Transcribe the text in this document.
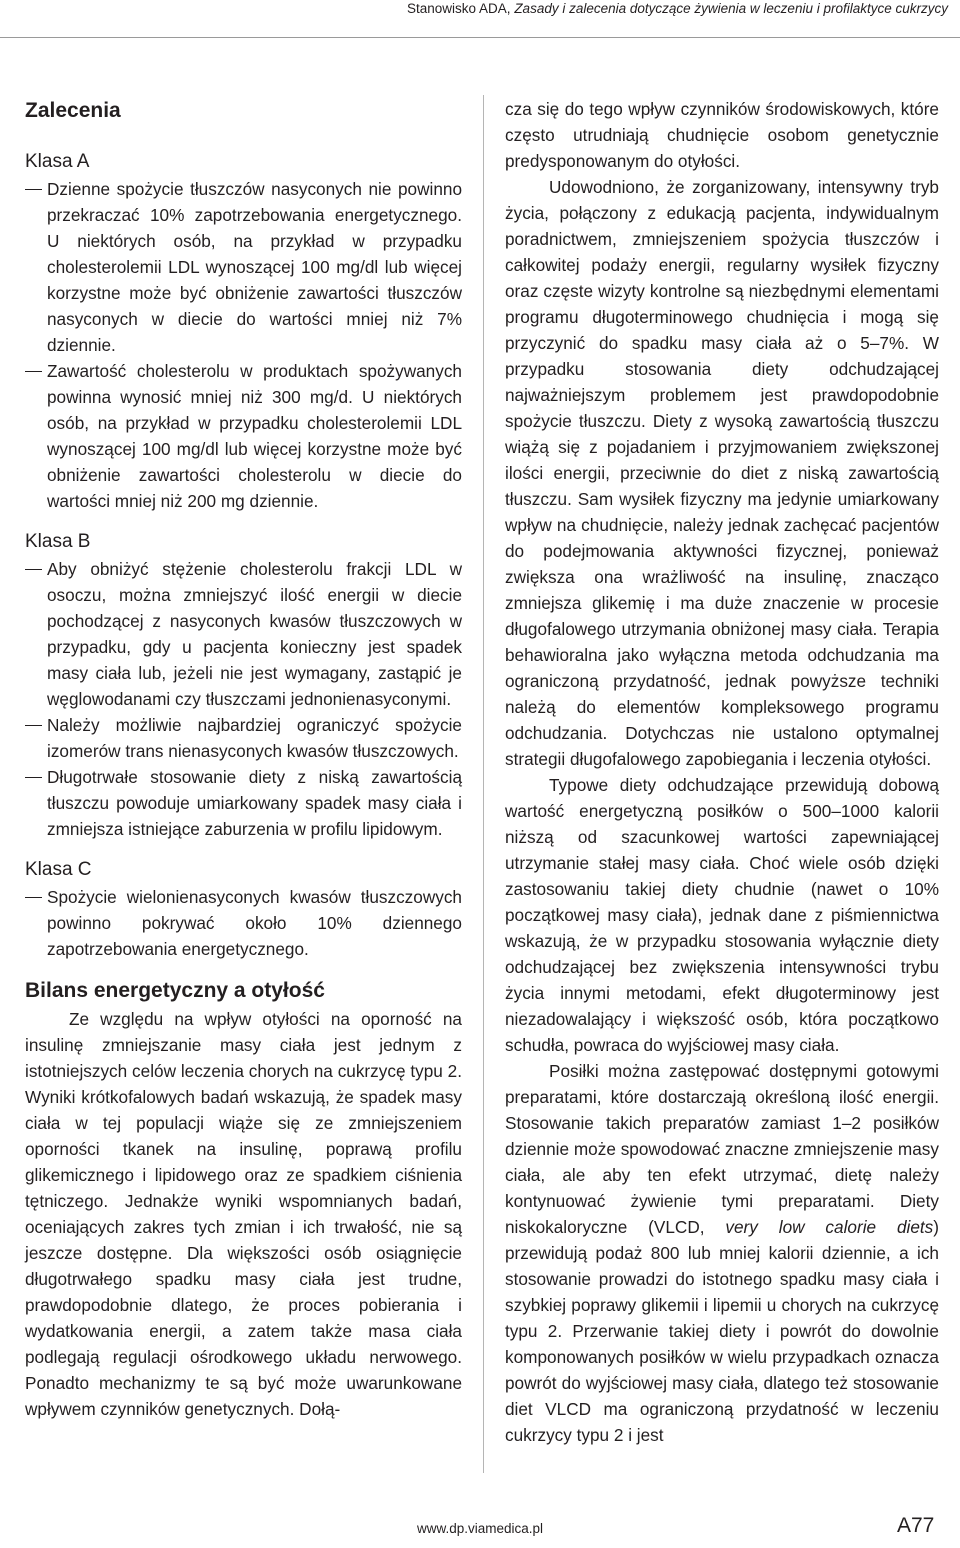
Stanowisko ADA, Zasady i zalecenia dotyczące żywienia w leczeniu i profilaktyce cukrzycy
Zalecenia
Klasa A

Dzienne spożycie tłuszczów nasyconych nie powinno przekraczać 10% zapotrzebowania energetycznego. U niektórych osób, na przykład w przypadku cholesterolemii LDL wynoszącej 100 mg/dl lub więcej korzystne może być obniżenie zawartości tłuszczów nasyconych w diecie do wartości mniej niż 7% dziennie.

Zawartość cholesterolu w produktach spożywanych powinna wynosić mniej niż 300 mg/d. U niektórych osób, na przykład w przypadku cholesterolemii LDL wynoszącej 100 mg/dl lub więcej korzystne może być obniżenie zawartości cholesterolu w diecie do wartości mniej niż 200 mg dziennie.

Klasa B

Aby obniżyć stężenie cholesterolu frakcji LDL w osoczu, można zmniejszyć ilość energii w diecie pochodzącej z nasyconych kwasów tłuszczowych w przypadku, gdy u pacjenta konieczny jest spadek masy ciała lub, jeżeli nie jest wymagany, zastąpić je węglowodanami czy tłuszczami jednonienasyconymi.

Należy możliwie najbardziej ograniczyć spożycie izomerów trans nienasyconych kwasów tłuszczowych.

Długotrwałe stosowanie diety z niską zawartością tłuszczu powoduje umiarkowany spadek masy ciała i zmniejsza istniejące zaburzenia w profilu lipidowym.

Klasa C

Spożycie wielonienasyconych kwasów tłuszczowych powinno pokrywać około 10% dziennego zapotrzebowania energetycznego.

Bilans energetyczny a otyłość

Ze względu na wpływ otyłości na oporność na insulinę zmniejszanie masy ciała jest jednym z istotniejszych celów leczenia chorych na cukrzycę typu 2. Wyniki krótkofalowych badań wskazują, że spadek masy ciała w tej populacji wiąże się ze zmniejszeniem oporności tkanek na insulinę, poprawą profilu glikemicznego i lipidowego oraz ze spadkiem ciśnienia tętniczego. Jednakże wyniki wspomnianych badań, oceniających zakres tych zmian i ich trwałość, nie są jeszcze dostępne. Dla większości osób osiągnięcie długotrwałego spadku masy ciała jest trudne, prawdopodobnie dlatego, że proces pobierania i wydatkowania energii, a zatem także masa ciała podlegają regulacji ośrodkowego układu nerwowego. Ponadto mechanizmy te są być może uwarunkowane wpływem czynników genetycznych. Dołą-

cza się do tego wpływ czynników środowiskowych, które często utrudniają chudnięcie osobom genetycznie predysponowanym do otyłości.

Udowodniono, że zorganizowany, intensywny tryb życia, połączony z edukacją pacjenta, indywidualnym poradnictwem, zmniejszeniem spożycia tłuszczów i całkowitej podaży energii, regularny wysiłek fizyczny oraz częste wizyty kontrolne są niezbędnymi elementami programu długoterminowego chudnięcia i mogą się przyczynić do spadku masy ciała aż o 5–7%. W przypadku stosowania diety odchudzającej najważniejszym problemem jest prawdopodobnie spożycie tłuszczu. Diety z wysoką zawartością tłuszczu wiążą się z pojadaniem i przyjmowaniem zwiększonej ilości energii, przeciwnie do diet z niską zawartością tłuszczu. Sam wysiłek fizyczny ma jedynie umiarkowany wpływ na chudnięcie, należy jednak zachęcać pacjentów do podejmowania aktywności fizycznej, ponieważ zwiększa ona wrażliwość na insulinę, znacząco zmniejsza glikemię i ma duże znaczenie w procesie długofalowego utrzymania obniżonej masy ciała. Terapia behawioralna jako wyłączna metoda odchudzania ma ograniczoną przydatność, jednak powyższe techniki należą do elementów kompleksowego programu odchudzania. Dotychczas nie ustalono optymalnej strategii długofalowego zapobiegania i leczenia otyłości.

Typowe diety odchudzające przewidują dobową wartość energetyczną posiłków o 500–1000 kalorii niższą od szacunkowej wartości zapewniającej utrzymanie stałej masy ciała. Choć wiele osób dzięki zastosowaniu takiej diety chudnie (nawet o 10% początkowej masy ciała), jednak dane z piśmiennictwa wskazują, że w przypadku stosowania wyłącznie diety odchudzającej bez zwiększenia intensywności trybu życia innymi metodami, efekt długoterminowy jest niezadowalający i większość osób, która początkowo schudła, powraca do wyjściowej masy ciała.

Posiłki można zastępować dostępnymi gotowymi preparatami, które dostarczają określoną ilość energii. Stosowanie takich preparatów zamiast 1–2 posiłków dziennie może spowodować znaczne zmniejszenie masy ciała, ale aby ten efekt utrzymać, dietę należy kontynuować żywienie tymi preparatami. Diety niskokaloryczne (VLCD, very low calorie diets) przewidują podaż 800 lub mniej kalorii dziennie, a ich stosowanie prowadzi do istotnego spadku masy ciała i szybkiej poprawy glikemii i lipemii u chorych na cukrzycę typu 2. Przerwanie takiej diety i powrót do dowolnie komponowanych posiłków w wielu przypadkach oznacza powrót do wyjściowej masy ciała, dlatego też stosowanie diet VLCD ma ograniczoną przydatność w leczeniu cukrzycy typu 2 i jest

www.dp.viamedica.pl	A77
